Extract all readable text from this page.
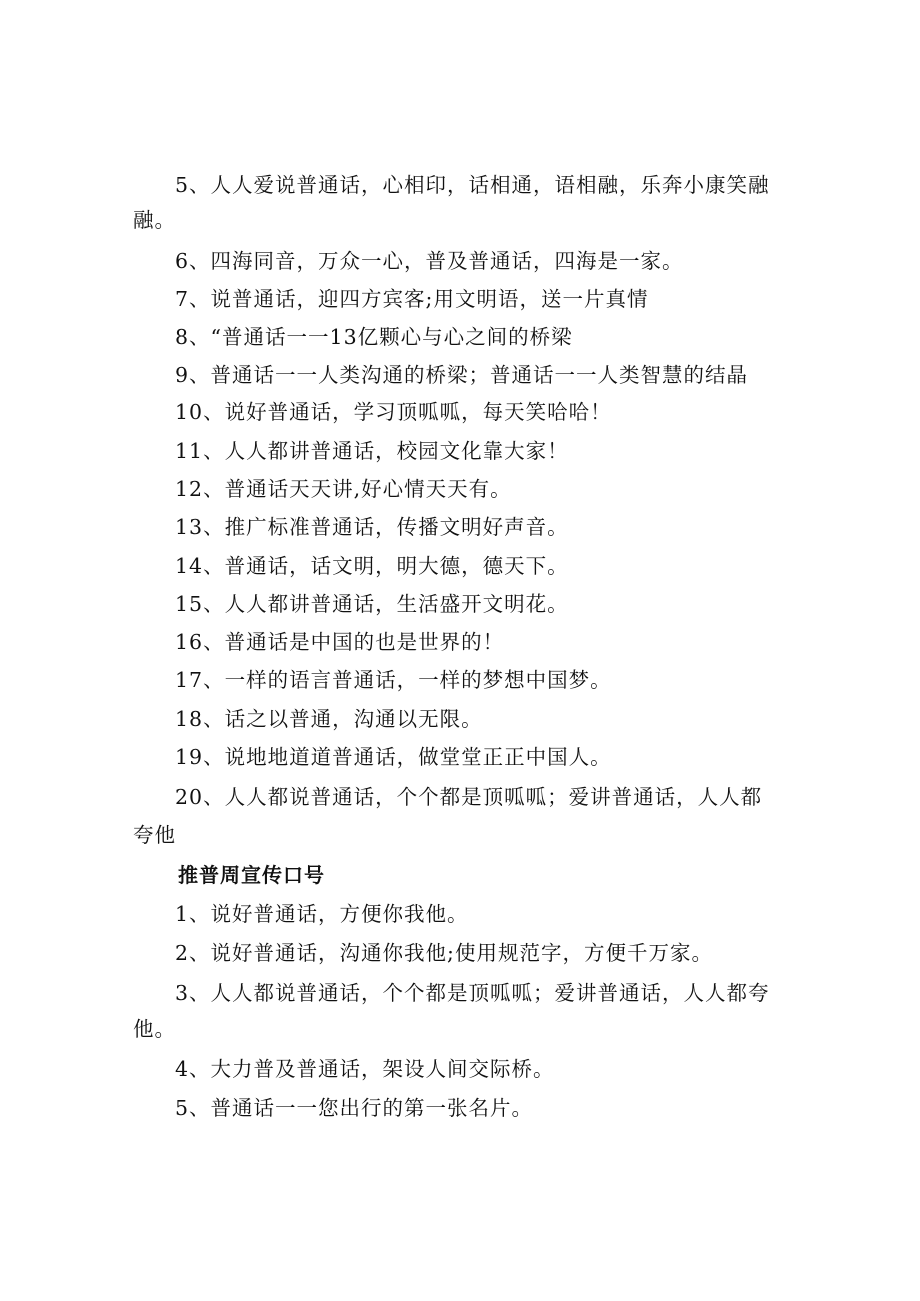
5、人人爱说普通话，心相印，话相通，语相融，乐奔小康笑融
融。
6、四海同音，万众一心，普及普通话，四海是一家。
7、说普通话，迎四方宾客;用文明语，送一片真情
8、“普通话一一13亿颗心与心之间的桥梁
9、普通话一一人类沟通的桥梁；普通话一一人类智慧的结晶
10、说好普通话，学习顶呱呱，每天笑哈哈！
11、人人都讲普通话，校园文化靠大家！
12、普通话天天讲,好心情天天有。
13、推广标准普通话，传播文明好声音。
14、普通话，话文明，明大德，德天下。
15、人人都讲普通话，生活盛开文明花。
16、普通话是中国的也是世界的！
17、一样的语言普通话，一样的梦想中国梦。
18、话之以普通，沟通以无限。
19、说地地道道普通话，做堂堂正正中国人。
20、人人都说普通话，个个都是顶呱呱；爱讲普通话，人人都
夸他
推普周宣传口号
1、说好普通话，方便你我他。
2、说好普通话，沟通你我他;使用规范字，方便千万家。
3、人人都说普通话，个个都是顶呱呱；爱讲普通话，人人都夸
他。
4、大力普及普通话，架设人间交际桥。
5、普通话一一您出行的第一张名片。
